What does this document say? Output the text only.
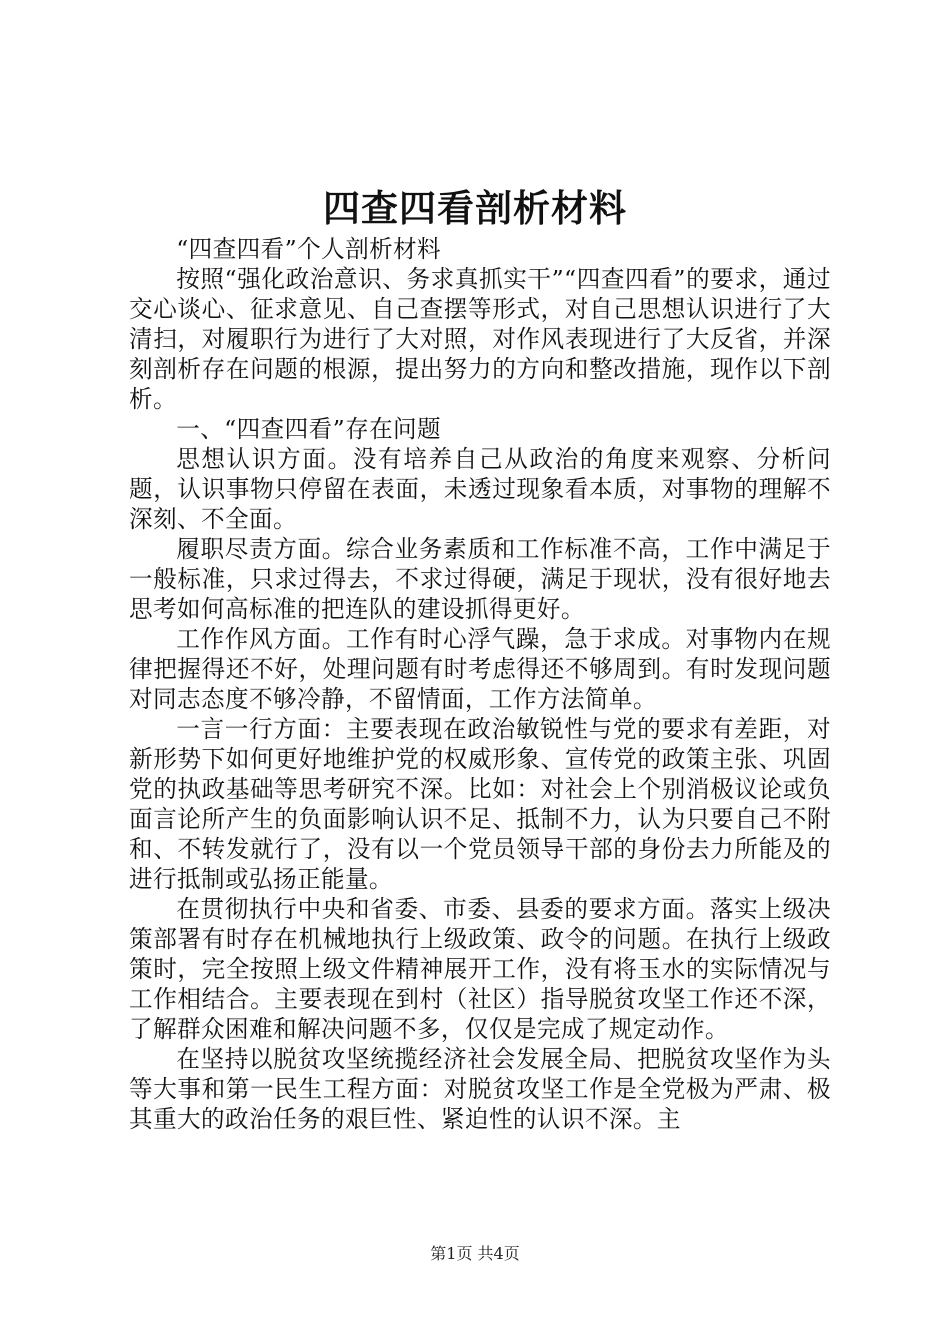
四查四看剖析材料

“四查四看”个人剖析材料

按照“强化政治意识、务求真抓实干”“四查四看”的要求，通过交心谈心、征求意见、自己查摆等形式，对自己思想认识进行了大清扫，对履职行为进行了大对照，对作风表现进行了大反省，并深刻剖析存在问题的根源，提出努力的方向和整改措施，现作以下剖析。

一、“四查四看”存在问题

思想认识方面。没有培养自己从政治的角度来观察、分析问题，认识事物只停留在表面，未透过现象看本质，对事物的理解不深刻、不全面。

履职尽责方面。综合业务素质和工作标准不高，工作中满足于一般标准，只求过得去，不求过得硬，满足于现状，没有很好地去思考如何高标准的把连队的建设抓得更好。

工作作风方面。工作有时心浮气躁，急于求成。对事物内在规律把握得还不好，处理问题有时考虑得还不够周到。有时发现问题对同志态度不够冷静，不留情面，工作方法简单。

一言一行方面：主要表现在政治敏锐性与党的要求有差距，对新形势下如何更好地维护党的权威形象、宣传党的政策主张、巩固党的执政基础等思考研究不深。比如：对社会上个别消极议论或负面言论所产生的负面影响认识不足、抵制不力，认为只要自己不附和、不转发就行了，没有以一个党员领导干部的身份去力所能及的进行抵制或弘扬正能量。

在贯彻执行中央和省委、市委、县委的要求方面。落实上级决策部署有时存在机械地执行上级政策、政令的问题。在执行上级政策时，完全按照上级文件精神展开工作，没有将玉水的实际情况与工作相结合。主要表现在到村（社区）指导脱贫攻坚工作还不深，了解群众困难和解决问题不多，仅仅是完成了规定动作。

在坚持以脱贫攻坚统揽经济社会发展全局、把脱贫攻坚作为头等大事和第一民生工程方面：对脱贫攻坚工作是全党极为严肃、极其重大的政治任务的艰巨性、紧迫性的认识不深。主

第1页 共4页
